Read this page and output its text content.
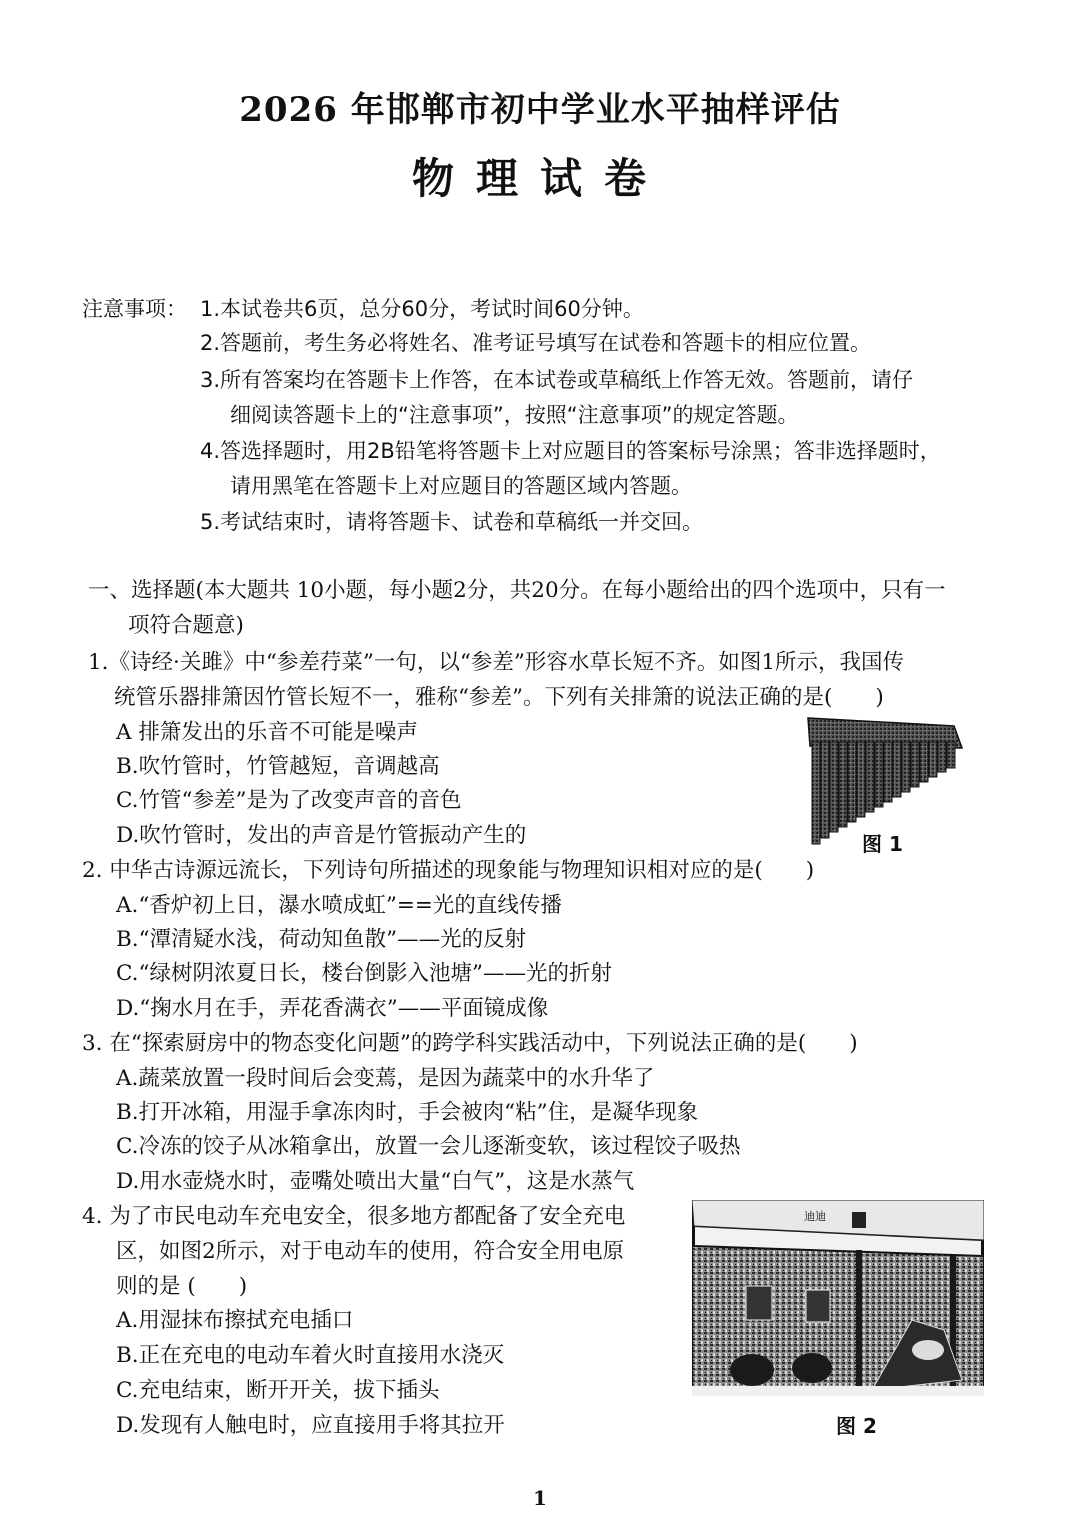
2026 年邯郸市初中学业水平抽样评估
物理试卷
注意事项： 1.本试卷共6页，总分60分，考试时间60分钟。
2.答题前，考生务必将姓名、准考证号填写在试卷和答题卡的相应位置。
3.所有答案均在答题卡上作答，在本试卷或草稿纸上作答无效。答题前，请仔
细阅读答题卡上的“注意事项”，按照“注意事项”的规定答题。
4.答选择题时，用2B铅笔将答题卡上对应题目的答案标号涂黑；答非选择题时，
请用黑笔在答题卡上对应题目的答题区域内答题。
5.考试结束时，请将答题卡、试卷和草稿纸一并交回。
一、选择题(本大题共 10小题，每小题2分，共20分。在每小题给出的四个选项中，只有一
项符合题意)
1.《诗经·关雎》中“参差荇菜”一句，以“参差”形容水草长短不齐。如图1所示，我国传
统管乐器排箫因竹管长短不一，雅称“参差”。下列有关排箫的说法正确的是(　　)
A 排箫发出的乐音不可能是噪声
B.吹竹管时，竹管越短，音调越高
C.竹管“参差”是为了改变声音的音色
D.吹竹管时，发出的声音是竹管振动产生的	图 1
2. 中华古诗源远流长，下列诗句所描述的现象能与物理知识相对应的是(　　)
A.“香炉初上日，瀑水喷成虹”==光的直线传播
B.“潭清疑水浅，荷动知鱼散”——光的反射
C.“绿树阴浓夏日长，楼台倒影入池塘”——光的折射
D.“掬水月在手，弄花香满衣”——平面镜成像
3. 在“探索厨房中的物态变化问题”的跨学科实践活动中，下列说法正确的是(　　)
A.蔬菜放置一段时间后会变蔫，是因为蔬菜中的水升华了
B.打开冰箱，用湿手拿冻肉时，手会被肉“粘”住，是凝华现象
C.冷冻的饺子从冰箱拿出，放置一会儿逐渐变软，该过程饺子吸热
D.用水壶烧水时，壶嘴处喷出大量“白气”，这是水蒸气
4. 为了市民电动车充电安全，很多地方都配备了安全充电
区，如图2所示，对于电动车的使用，符合安全用电原
则的是 (　　)
A.用湿抹布擦拭充电插口
B.正在充电的电动车着火时直接用水浇灭
C.充电结束，断开开关，拔下插头
D.发现有人触电时，应直接用手将其拉开
迪迪
图 2
1
